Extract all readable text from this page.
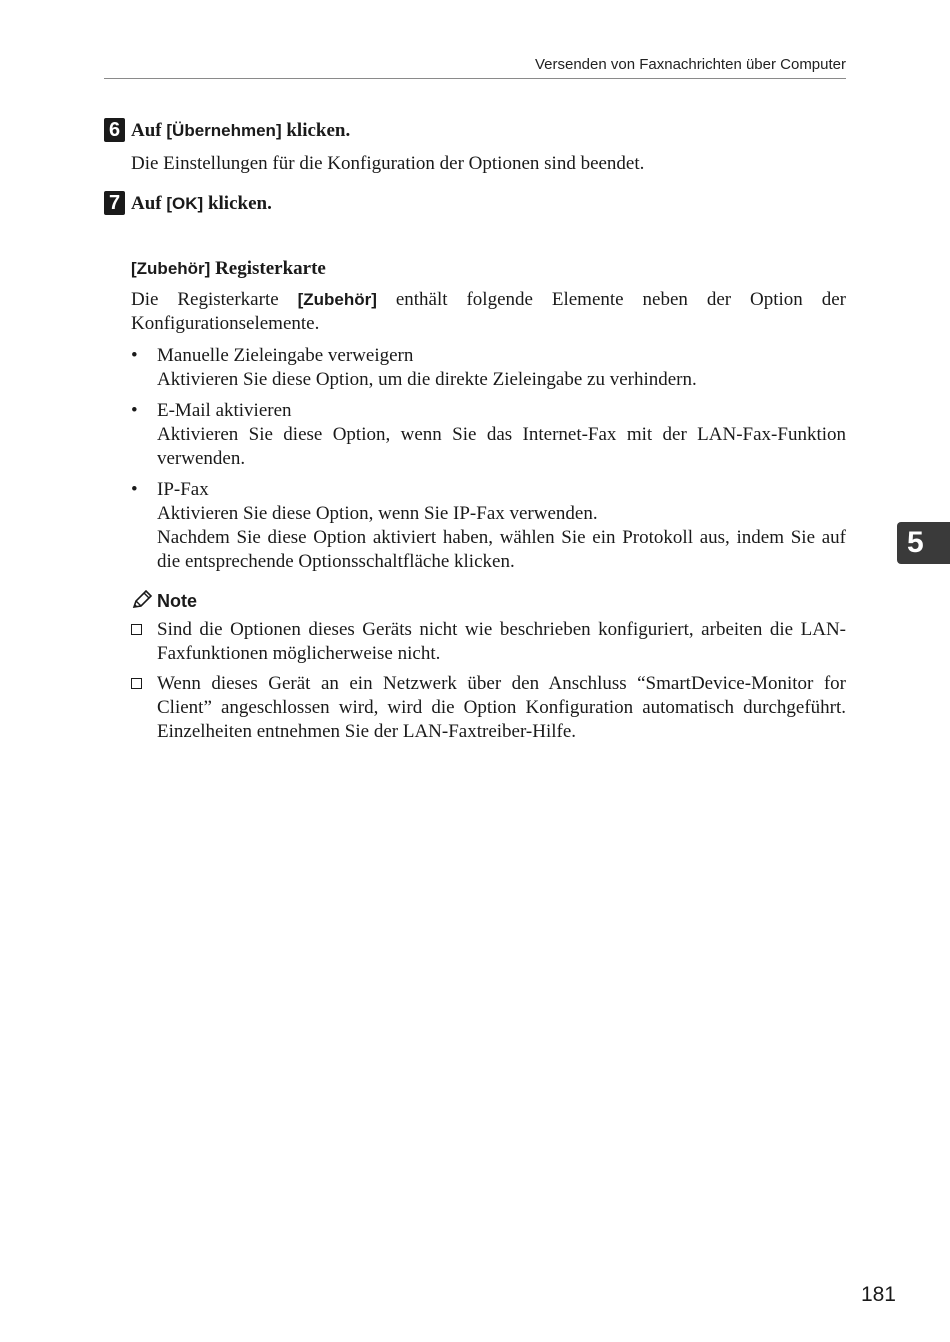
Versenden von Faxnachrichten über Computer
6 Auf [Übernehmen] klicken.
Die Einstellungen für die Konfiguration der Optionen sind beendet.
7 Auf [OK] klicken.
[Zubehör] Registerkarte
Die Registerkarte [Zubehör] enthält folgende Elemente neben der Option der Konfigurationselemente.
• Manuelle Zieleingabe verweigern
Aktivieren Sie diese Option, um die direkte Zieleingabe zu verhindern.
• E-Mail aktivieren
Aktivieren Sie diese Option, wenn Sie das Internet-Fax mit der LAN-Fax-Funktion verwenden.
• IP-Fax
Aktivieren Sie diese Option, wenn Sie IP-Fax verwenden.
Nachdem Sie diese Option aktiviert haben, wählen Sie ein Protokoll aus, indem Sie auf die entsprechende Optionsschaltfläche klicken.
Note
Sind die Optionen dieses Geräts nicht wie beschrieben konfiguriert, arbeiten die LAN-Faxfunktionen möglicherweise nicht.
Wenn dieses Gerät an ein Netzwerk über den Anschluss “SmartDevice-Monitor for Client” angeschlossen wird, wird die Option Konfiguration automatisch durchgeführt. Einzelheiten entnehmen Sie der LAN-Faxtreiber-Hilfe.
5
181
